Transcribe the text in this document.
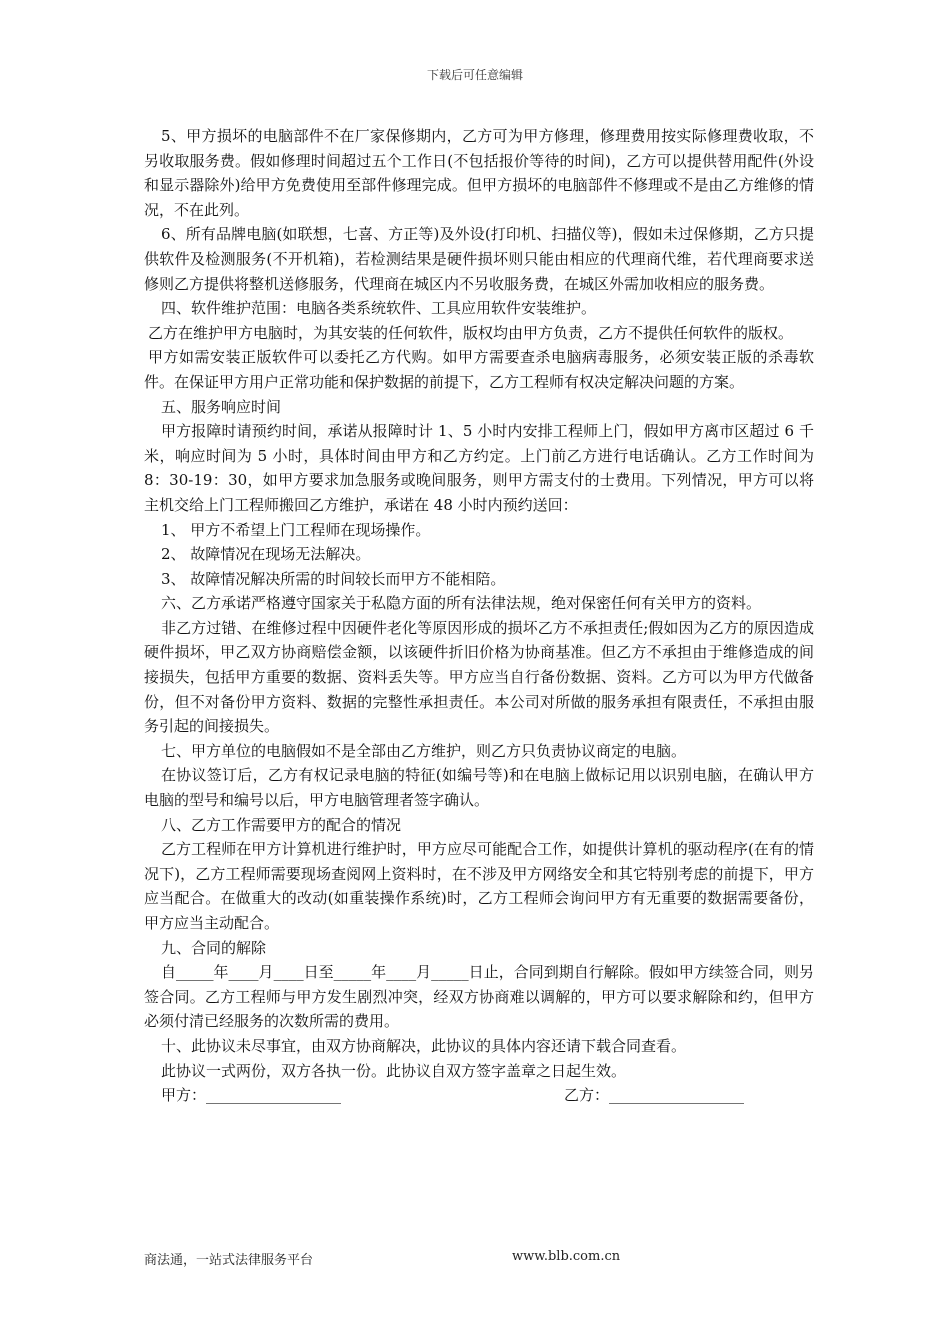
下载后可任意编辑

5、甲方损坏的电脑部件不在厂家保修期内，乙方可为甲方修理，修理费用按实际修理费收取，不另收取服务费。假如修理时间超过五个工作日(不包括报价等待的时间)，乙方可以提供替用配件(外设和显示器除外)给甲方免费使用至部件修理完成。但甲方损坏的电脑部件不修理或不是由乙方维修的情况，不在此列。

6、所有品牌电脑(如联想，七喜、方正等)及外设(打印机、扫描仪等)，假如未过保修期，乙方只提供软件及检测服务(不开机箱)，若检测结果是硬件损坏则只能由相应的代理商代维，若代理商要求送修则乙方提供将整机送修服务，代理商在城区内不另收服务费，在城区外需加收相应的服务费。

四、软件维护范围：电脑各类系统软件、工具应用软件安装维护。

乙方在维护甲方电脑时，为其安装的任何软件，版权均由甲方负责，乙方不提供任何软件的版权。

甲方如需安装正版软件可以委托乙方代购。如甲方需要查杀电脑病毒服务，必须安装正版的杀毒软件。在保证甲方用户正常功能和保护数据的前提下，乙方工程师有权决定解决问题的方案。

五、服务响应时间

甲方报障时请预约时间，承诺从报障时计 1、5 小时内安排工程师上门，假如甲方离市区超过 6 千米，响应时间为 5 小时，具体时间由甲方和乙方约定。上门前乙方进行电话确认。乙方工作时间为 8：30-19：30，如甲方要求加急服务或晚间服务，则甲方需支付的士费用。下列情况，甲方可以将主机交给上门工程师搬回乙方维护，承诺在 48 小时内预约送回：

1、 甲方不希望上门工程师在现场操作。

2、 故障情况在现场无法解决。

3、 故障情况解决所需的时间较长而甲方不能相陪。

六、乙方承诺严格遵守国家关于私隐方面的所有法律法规，绝对保密任何有关甲方的资料。

非乙方过错、在维修过程中因硬件老化等原因形成的损坏乙方不承担责任;假如因为乙方的原因造成硬件损坏，甲乙双方协商赔偿金额，以该硬件折旧价格为协商基准。但乙方不承担由于维修造成的间接损失，包括甲方重要的数据、资料丢失等。甲方应当自行备份数据、资料。乙方可以为甲方代做备份，但不对备份甲方资料、数据的完整性承担责任。本公司对所做的服务承担有限责任，不承担由服务引起的间接损失。

七、甲方单位的电脑假如不是全部由乙方维护，则乙方只负责协议商定的电脑。

在协议签订后，乙方有权记录电脑的特征(如编号等)和在电脑上做标记用以识别电脑，在确认甲方电脑的型号和编号以后，甲方电脑管理者签字确认。

八、乙方工作需要甲方的配合的情况

乙方工程师在甲方计算机进行维护时，甲方应尽可能配合工作，如提供计算机的驱动程序(在有的情况下)，乙方工程师需要现场查阅网上资料时，在不涉及甲方网络安全和其它特别考虑的前提下，甲方应当配合。在做重大的改动(如重装操作系统)时，乙方工程师会询问甲方有无重要的数据需要备份，甲方应当主动配合。

九、合同的解除

自_____年____月____日至_____年____月_____日止，合同到期自行解除。假如甲方续签合同，则另签合同。乙方工程师与甲方发生剧烈冲突，经双方协商难以调解的，甲方可以要求解除和约，但甲方必须付清已经服务的次数所需的费用。

十、此协议未尽事宜，由双方协商解决，此协议的具体内容还请下载合同查看。

此协议一式两份，双方各执一份。此协议自双方签字盖章之日起生效。

甲方：__________________	乙方：__________________
商法通，一站式法律服务平台	www.blb.com.cn
